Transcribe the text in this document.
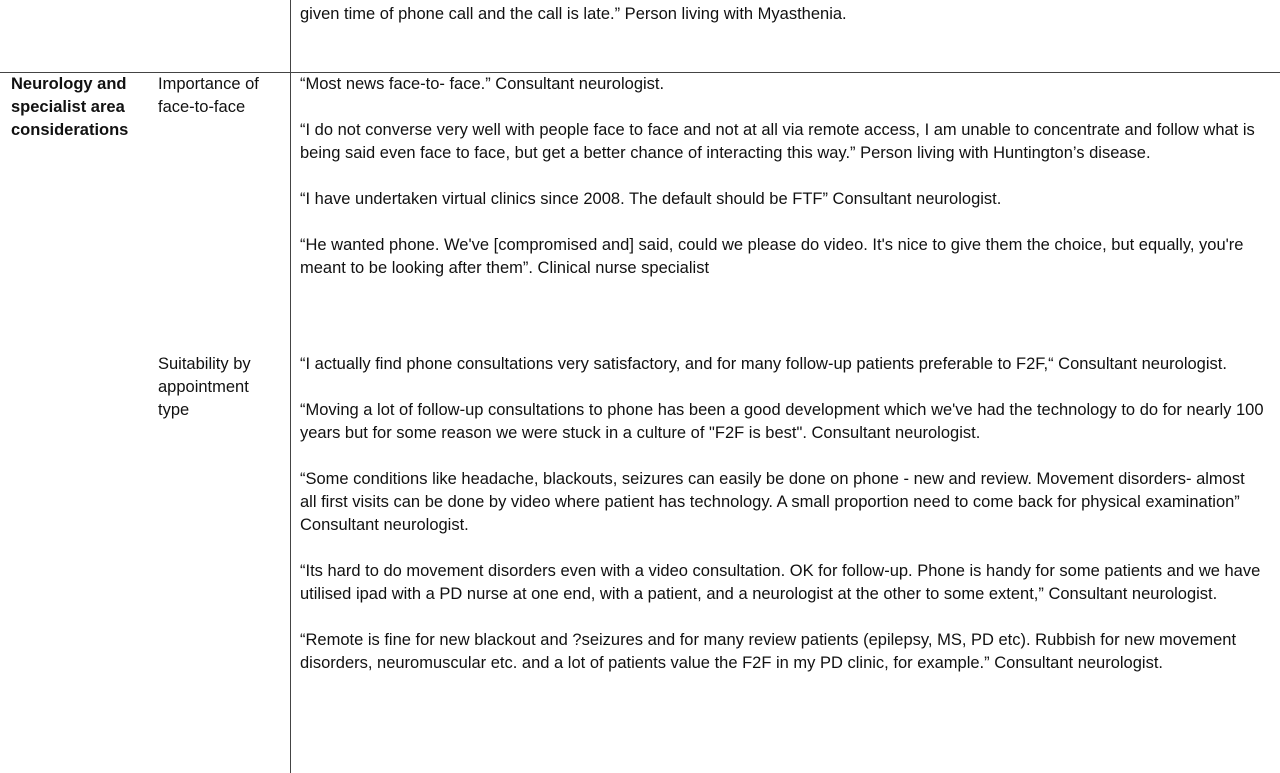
given time of phone call and the call is late.” Person living with Myasthenia.

Neurology and specialist area considerations
Importance of face-to-face

“Most news face-to- face.” Consultant neurologist.

“I do not converse very well with people face to face and not at all via remote access, I am unable to concentrate and follow what is being said even face to face, but get a better chance of interacting this way.” Person living with Huntington’s disease.

“I have undertaken virtual clinics since 2008. The default should be FTF” Consultant neurologist.

“He wanted phone. We've [compromised and] said, could we please do video. It's nice to give them the choice, but equally, you're meant to be looking after them”. Clinical nurse specialist

Suitability by appointment type

“I actually find phone consultations very satisfactory, and for many follow-up patients preferable to F2F,“ Consultant neurologist.

“Moving a lot of follow-up consultations to phone has been a good development which we've had the technology to do for nearly 100 years but for some reason we were stuck in a culture of "F2F is best". Consultant neurologist.

“Some conditions like headache, blackouts, seizures can easily be done on phone - new and review. Movement disorders- almost all first visits can be done by video where patient has technology. A small proportion need to come back for physical examination” Consultant neurologist.

“Its hard to do movement disorders even with a video consultation. OK for follow-up. Phone is handy for some patients and we have utilised ipad with a PD nurse at one end, with a patient, and a neurologist at the other to some extent,” Consultant neurologist.

“Remote is fine for new blackout and ?seizures and for many review patients (epilepsy, MS, PD etc). Rubbish for new movement disorders, neuromuscular etc. and a lot of patients value the F2F in my PD clinic, for example.” Consultant neurologist.
